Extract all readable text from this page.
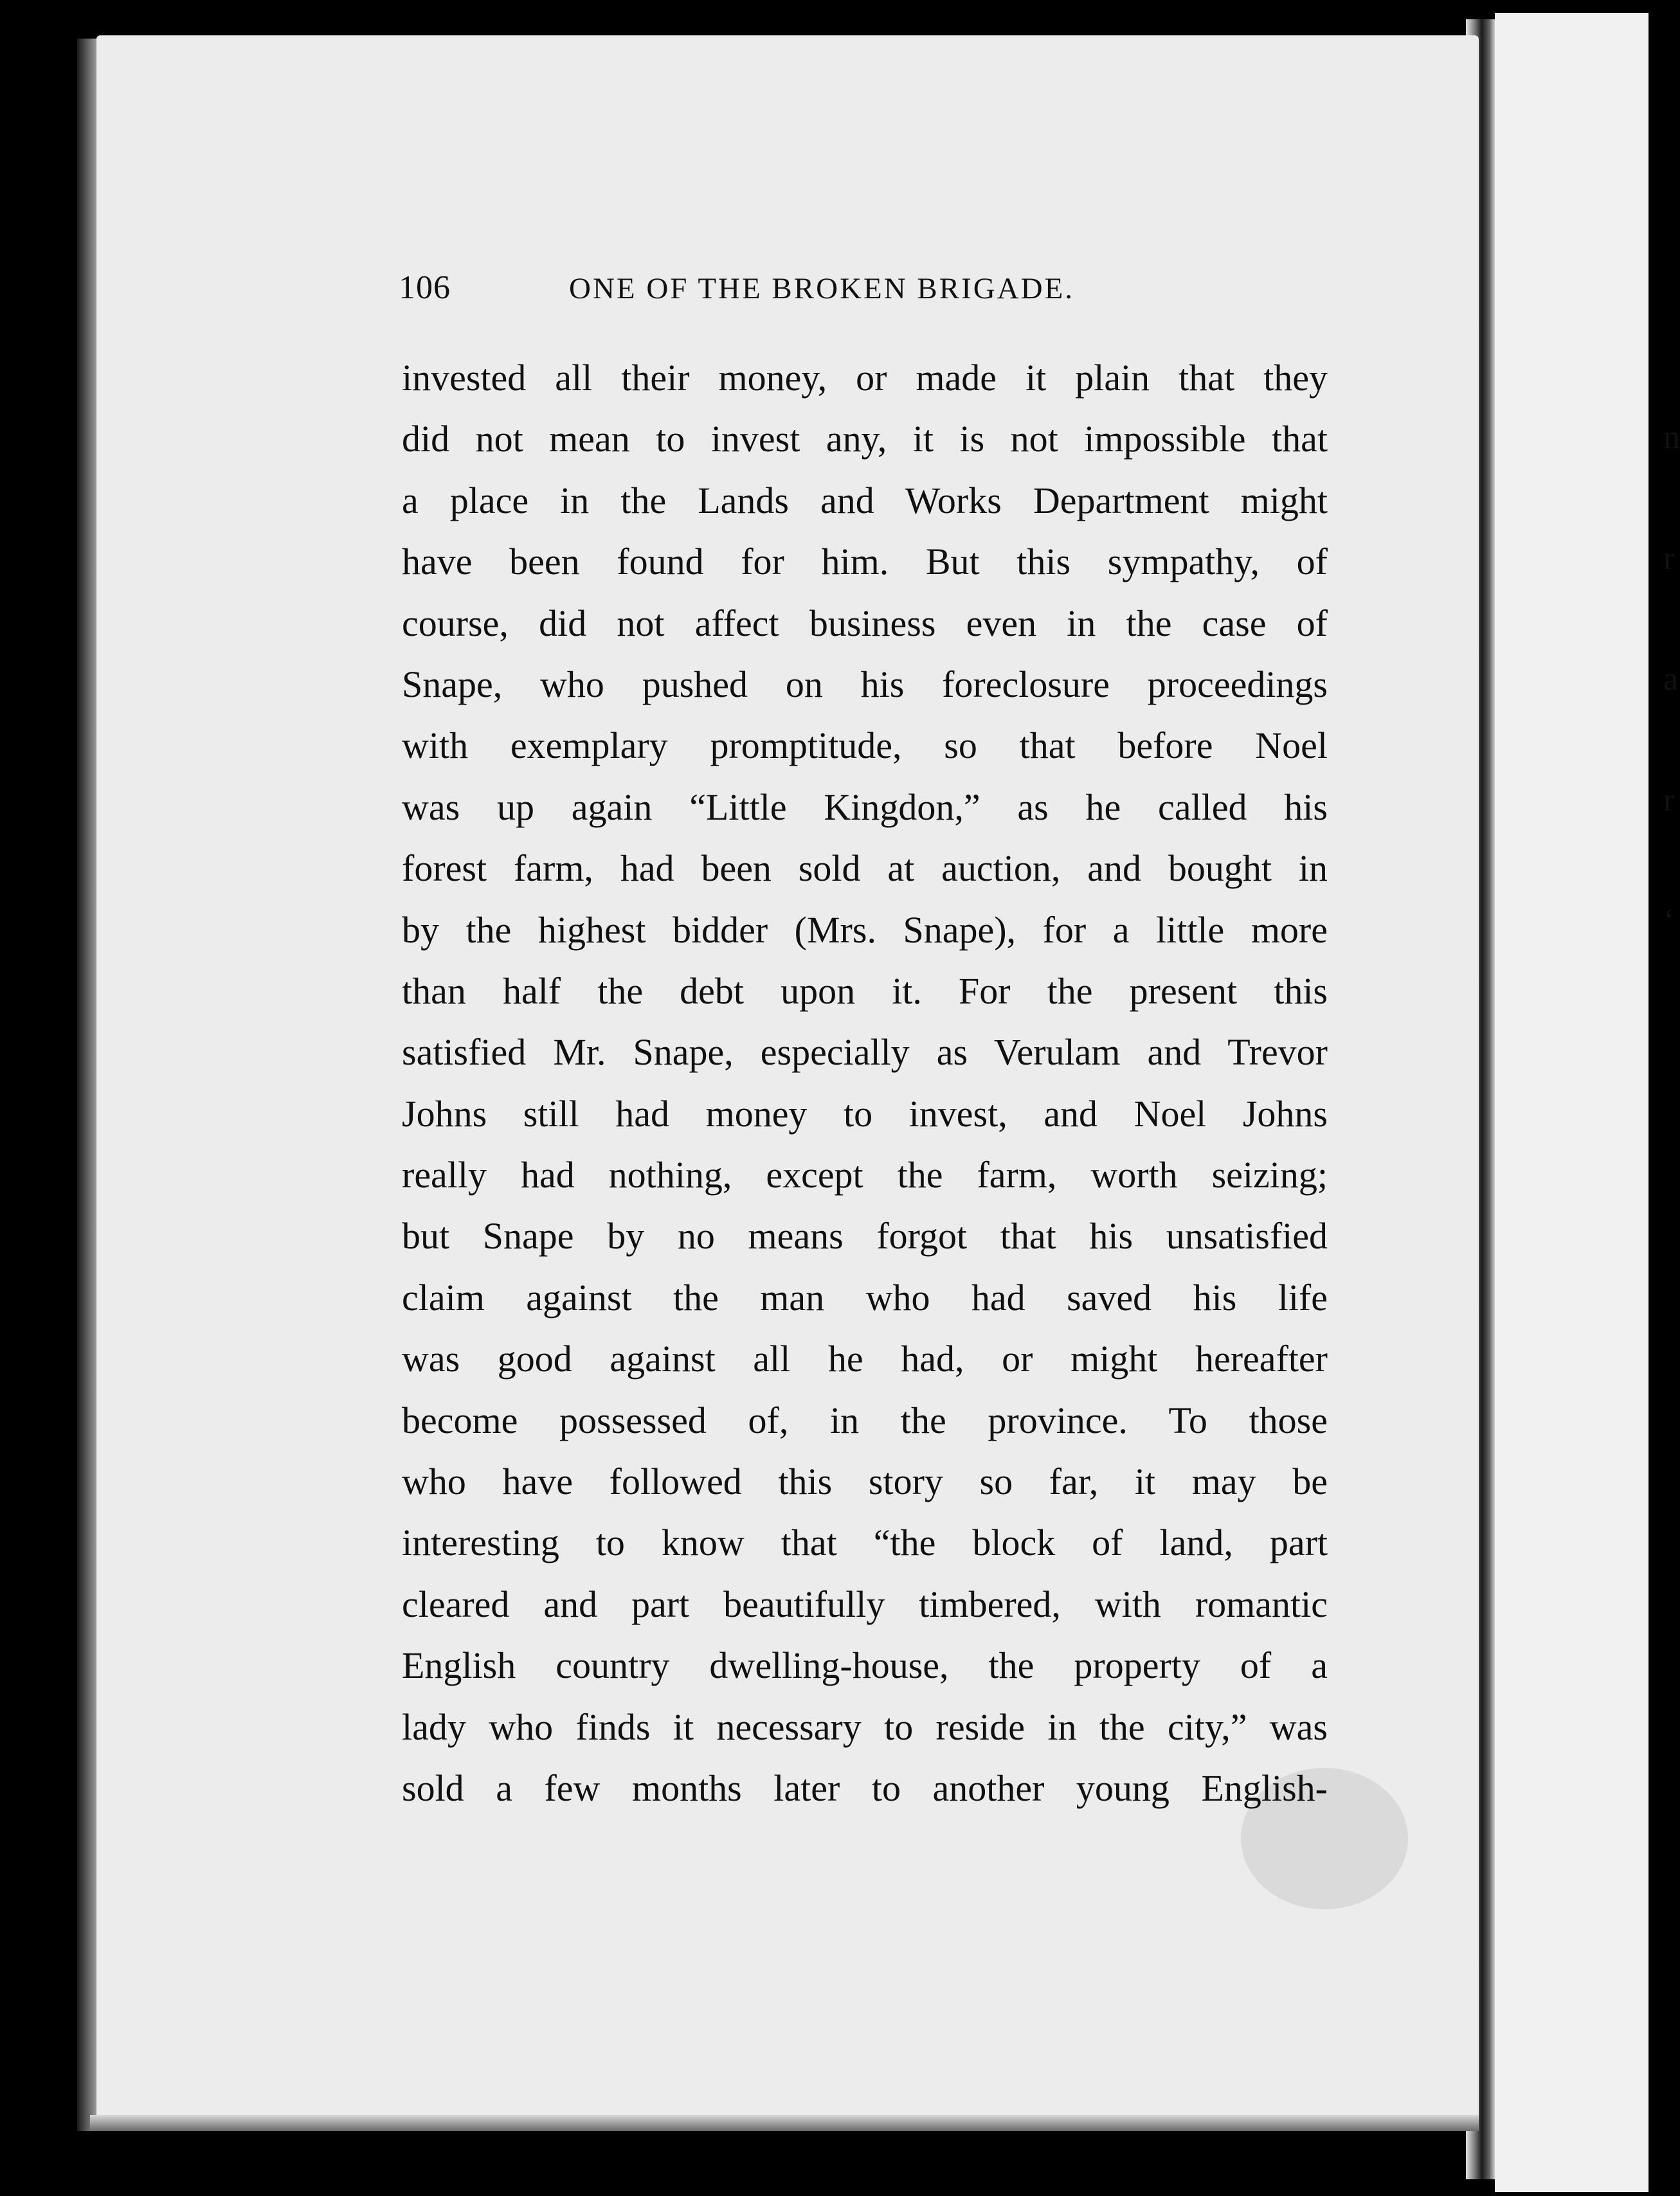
n

r

a

r

‘

106	ONE OF THE BROKEN BRIGADE.
invested all their money, or made it plain that they
did not mean to invest any, it is not impossible that
a place in the Lands and Works Department might
have been found for him. But this sympathy, of
course, did not affect business even in the case of
Snape, who pushed on his foreclosure proceedings
with exemplary promptitude, so that before Noel
was up again “Little Kingdon,” as he called his
forest farm, had been sold at auction, and bought in
by the highest bidder (Mrs. Snape), for a little more
than half the debt upon it. For the present this
satisfied Mr. Snape, especially as Verulam and Trevor
Johns still had money to invest, and Noel Johns
really had nothing, except the farm, worth seizing;
but Snape by no means forgot that his unsatisfied
claim against the man who had saved his life
was good against all he had, or might hereafter
become possessed of, in the province. To those
who have followed this story so far, it may be
interesting to know that “the block of land, part
cleared and part beautifully timbered, with romantic
English country dwelling-house, the property of a
lady who finds it necessary to reside in the city,” was
sold a few months later to another young English-
